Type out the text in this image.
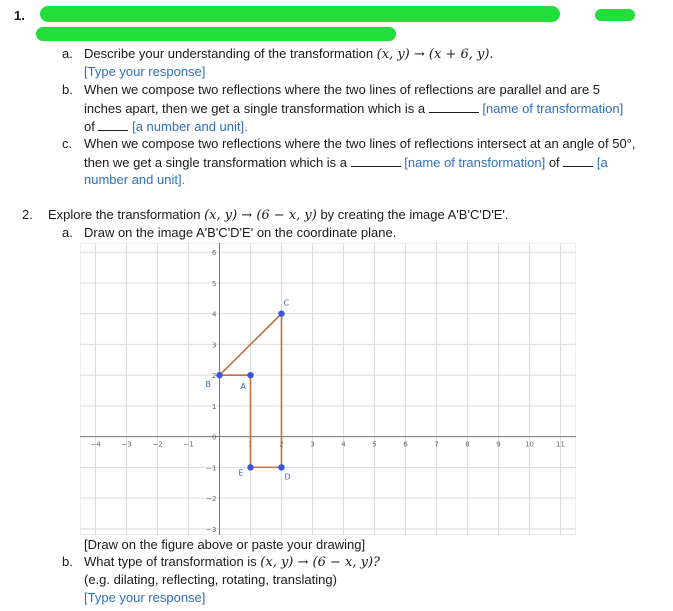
1.
a. Describe your understanding of the transformation (x, y) → (x + 6, y).
[Type your response]
b. When we compose two reflections where the two lines of reflections are parallel and are 5
inches apart, then we get a single transformation which is a	[name of transformation]
of	[a number and unit].
c. When we compose two reflections where the two lines of reflections intersect at an angle of 50°,
then we get a single transformation which is a	[name of transformation] of	[a
number and unit].
2. Explore the transformation (x, y) → (6 − x, y) by creating the image A'B'C'D'E'.
a. Draw on the image A'B'C'D'E' on the coordinate plane.
−4	−3	−2	−1	1	2	3	4	5	6	7	8	9	10	11
−3
−2
−1
0
1
2
3
4
5
6
A
B
C
D
E
[Draw on the figure above or paste your drawing]
b. What type of transformation is (x, y) → (6 − x, y)?
(e.g. dilating, reflecting, rotating, translating)
[Type your response]
